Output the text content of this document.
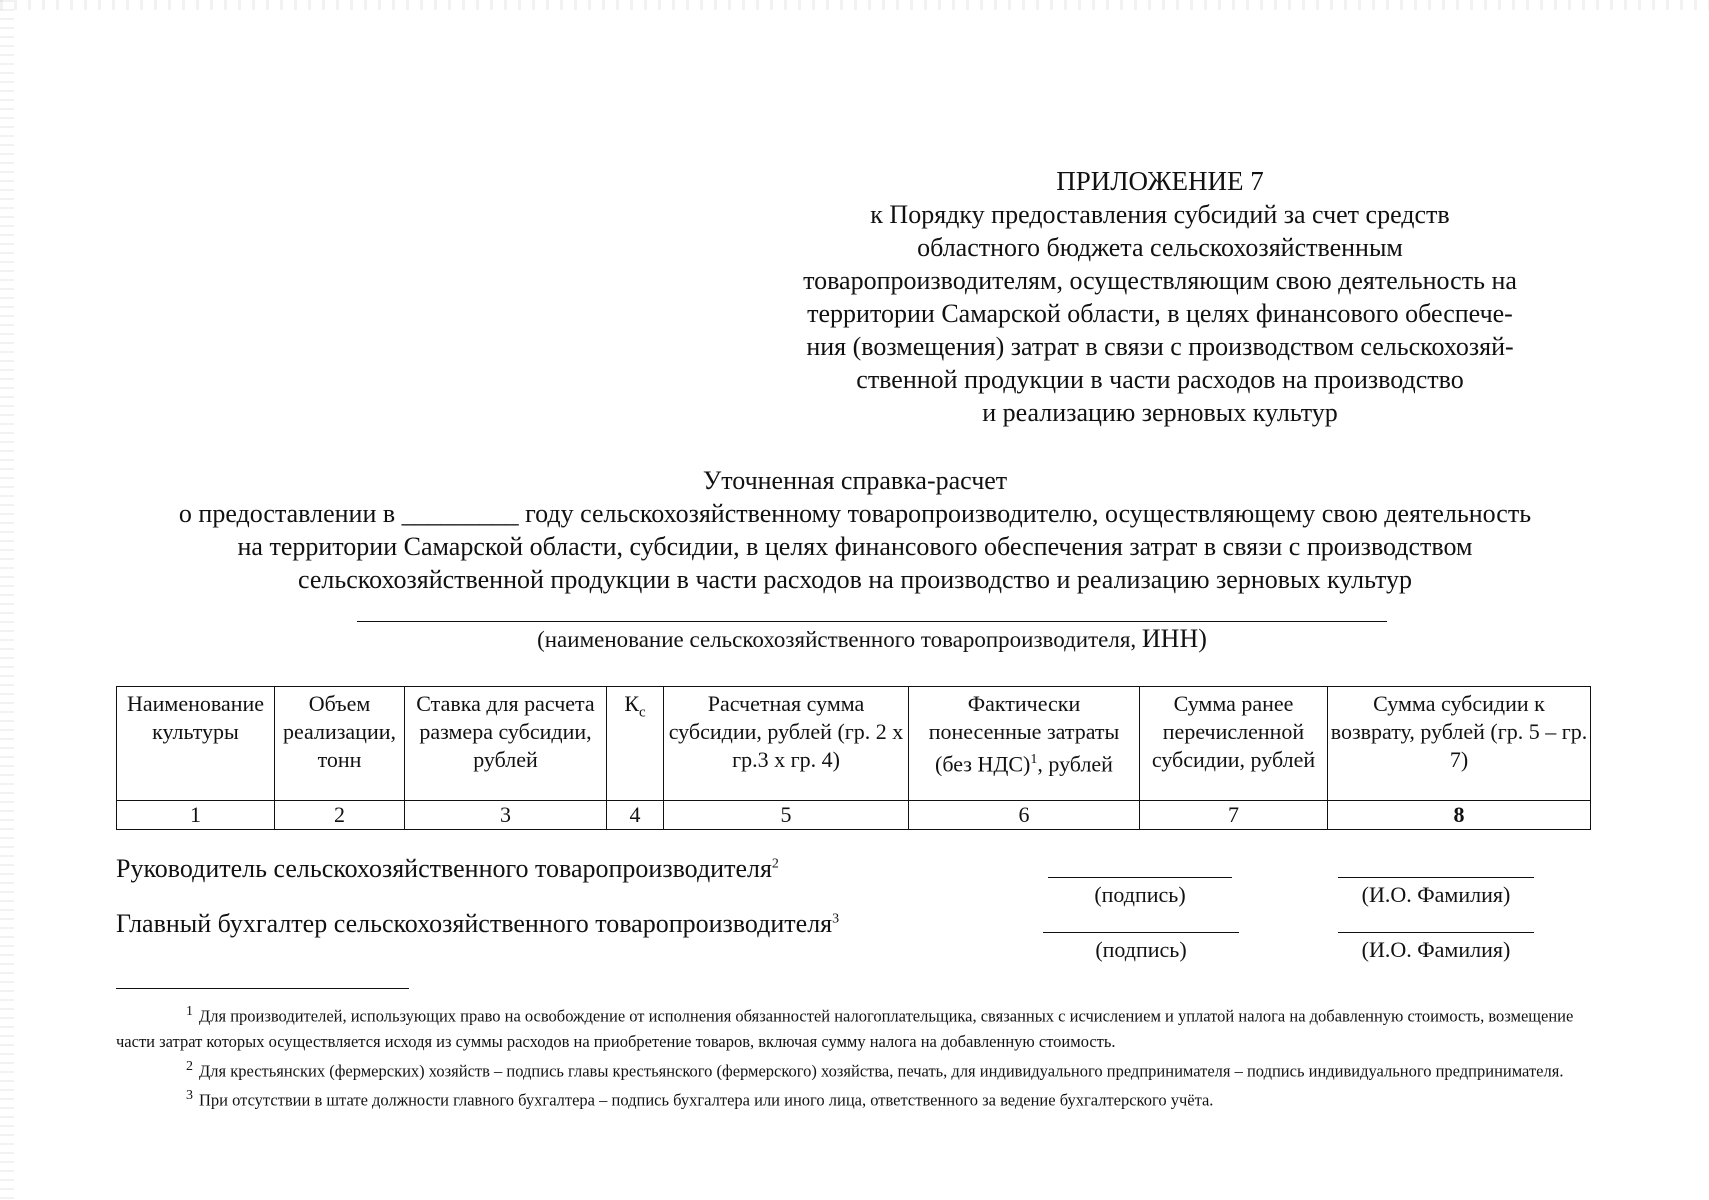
ПРИЛОЖЕНИЕ 7
к Порядку предоставления субсидий за счет средств
областного бюджета сельскохозяйственным
товаропроизводителям, осуществляющим свою деятельность на
территории Самарской области, в целях финансового обеспече-
ния (возмещения) затрат в связи с производством сельскохозяй-
ственной продукции в части расходов на производство
и реализацию зерновых культур
Уточненная справка-расчет
о предоставлении в _________ году сельскохозяйственному товаропроизводителю, осуществляющему свою деятельность
на территории Самарской области, субсидии, в целях финансового обеспечения затрат в связи с производством
сельскохозяйственной продукции в части расходов на производство и реализацию зерновых культур
(наименование сельскохозяйственного товаропроизводителя, ИНН)
Наименование культуры	Объем реализации, тонн	Ставка для расчета размера субсидии, рублей	$К_с$	Расчетная сумма субсидии, рублей (гр. 2 х гр.3 х гр. 4)	Фактически понесенные затраты (без НДС)$^1$, рублей	Сумма ранее перечисленной субсидии, рублей	Сумма субсидии к возврату, рублей (гр. 5 – гр. 7)
1	2	3	4	5	6	7	8
Руководитель сельскохозяйственного товаропроизводителя$^2$
(подпись)	(И.О. Фамилия)
Главный бухгалтер сельскохозяйственного товаропроизводителя$^3$
(подпись)	(И.О. Фамилия)

$^1$ Для производителей, использующих право на освобождение от исполнения обязанностей налогоплательщика, связанных с исчислением и уплатой налога на добавленную стоимость, возмещение части затрат которых осуществляется исходя из суммы расходов на приобретение товаров, включая сумму налога на добавленную стоимость.

$^2$ Для крестьянских (фермерских) хозяйств – подпись главы крестьянского (фермерского) хозяйства, печать, для индивидуального предпринимателя – подпись индивидуального предпринимателя.

$^3$ При отсутствии в штате должности главного бухгалтера – подпись бухгалтера или иного лица, ответственного за ведение бухгалтерского учёта.
